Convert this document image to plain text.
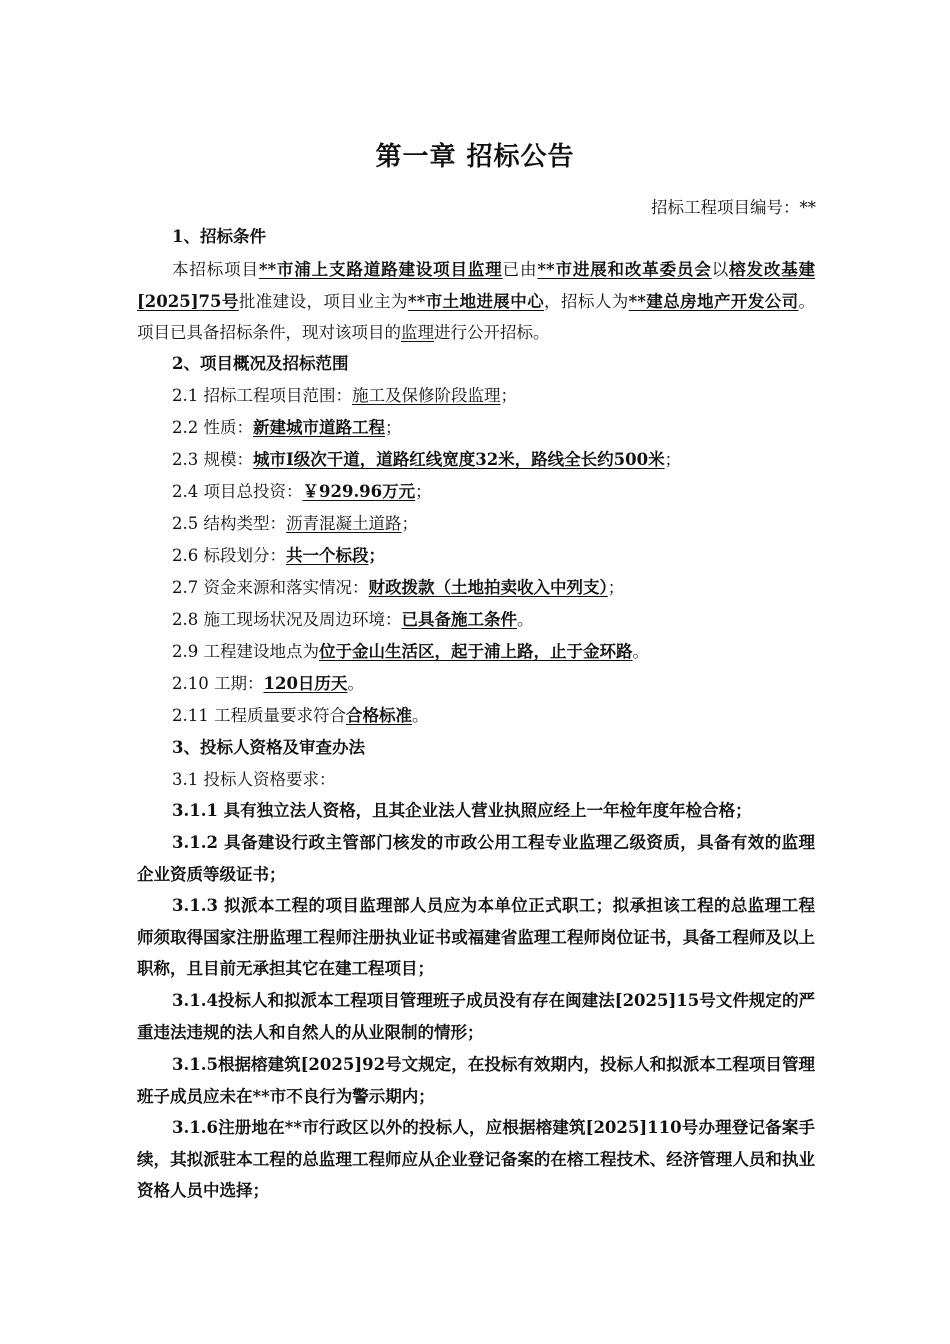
第一章 招标公告
招标工程项目编号：**
1、招标条件
本招标项目**市浦上支路道路建设项目监理已由**市进展和改革委员会以榕发改基建[2025]75号批准建设，项目业主为**市土地进展中心，招标人为**建总房地产开发公司。项目已具备招标条件，现对该项目的监理进行公开招标。
2、项目概况及招标范围
2.1 招标工程项目范围：施工及保修阶段监理；
2.2 性质：新建城市道路工程；
2.3 规模：城市Ⅰ级次干道，道路红线宽度32米，路线全长约500米；
2.4 项目总投资：￥929.96万元；
2.5 结构类型：沥青混凝土道路；
2.6 标段划分：共一个标段；
2.7 资金来源和落实情况：财政拨款（土地拍卖收入中列支）；
2.8 施工现场状况及周边环境：已具备施工条件。
2.9 工程建设地点为位于金山生活区，起于浦上路，止于金环路。
2.10 工期：120日历天。
2.11 工程质量要求符合合格标准。
3、投标人资格及审查办法
3.1 投标人资格要求：
3.1.1 具有独立法人资格，且其企业法人营业执照应经上一年检年度年检合格；
3.1.2 具备建设行政主管部门核发的市政公用工程专业监理乙级资质，具备有效的监理企业资质等级证书；
3.1.3 拟派本工程的项目监理部人员应为本单位正式职工；拟承担该工程的总监理工程师须取得国家注册监理工程师注册执业证书或福建省监理工程师岗位证书，具备工程师及以上职称，且目前无承担其它在建工程项目；
3.1.4投标人和拟派本工程项目管理班子成员没有存在闽建法[2025]15号文件规定的严重违法违规的法人和自然人的从业限制的情形；
3.1.5根据榕建筑[2025]92号文规定，在投标有效期内，投标人和拟派本工程项目管理班子成员应未在**市不良行为警示期内；
3.1.6注册地在**市行政区以外的投标人，应根据榕建筑[2025]110号办理登记备案手续，其拟派驻本工程的总监理工程师应从企业登记备案的在榕工程技术、经济管理人员和执业资格人员中选择；
